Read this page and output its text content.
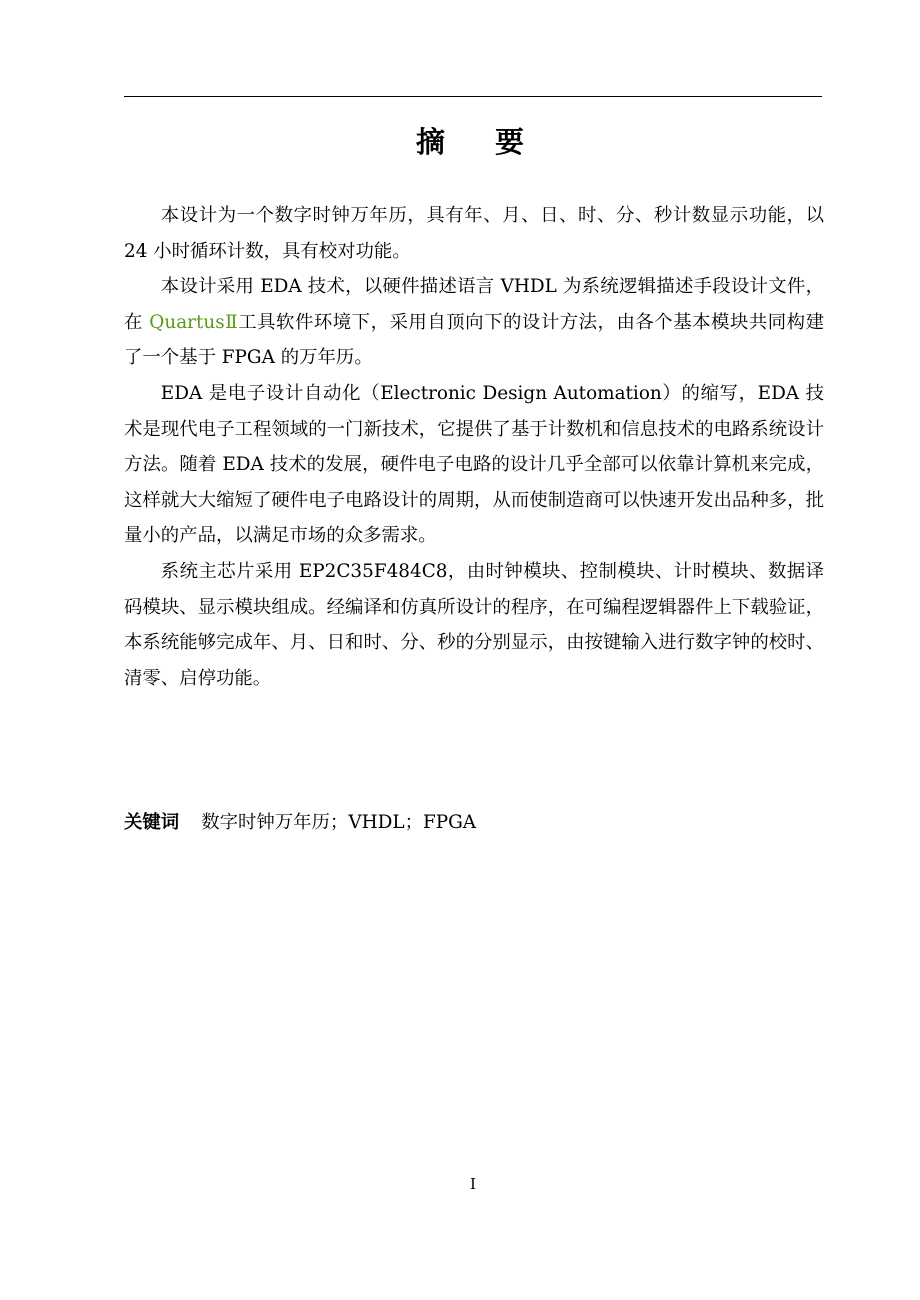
摘 要

本设计为一个数字时钟万年历，具有年、月、日、时、分、秒计数显示功能，以 24 小时循环计数，具有校对功能。

本设计采用 EDA 技术，以硬件描述语言 VHDL 为系统逻辑描述手段设计文件，在 QuartusⅡ工具软件环境下，采用自顶向下的设计方法，由各个基本模块共同构建了一个基于 FPGA 的万年历。

EDA 是电子设计自动化（Electronic Design Automation）的缩写，EDA 技术是现代电子工程领域的一门新技术，它提供了基于计数机和信息技术的电路系统设计方法。随着 EDA 技术的发展，硬件电子电路的设计几乎全部可以依靠计算机来完成，这样就大大缩短了硬件电子电路设计的周期，从而使制造商可以快速开发出品种多，批量小的产品，以满足市场的众多需求。

系统主芯片采用 EP2C35F484C8，由时钟模块、控制模块、计时模块、数据译码模块、显示模块组成。经编译和仿真所设计的程序，在可编程逻辑器件上下载验证，本系统能够完成年、月、日和时、分、秒的分别显示，由按键输入进行数字钟的校时、清零、启停功能。

关键词 数字时钟万年历；VHDL；FPGA
I
